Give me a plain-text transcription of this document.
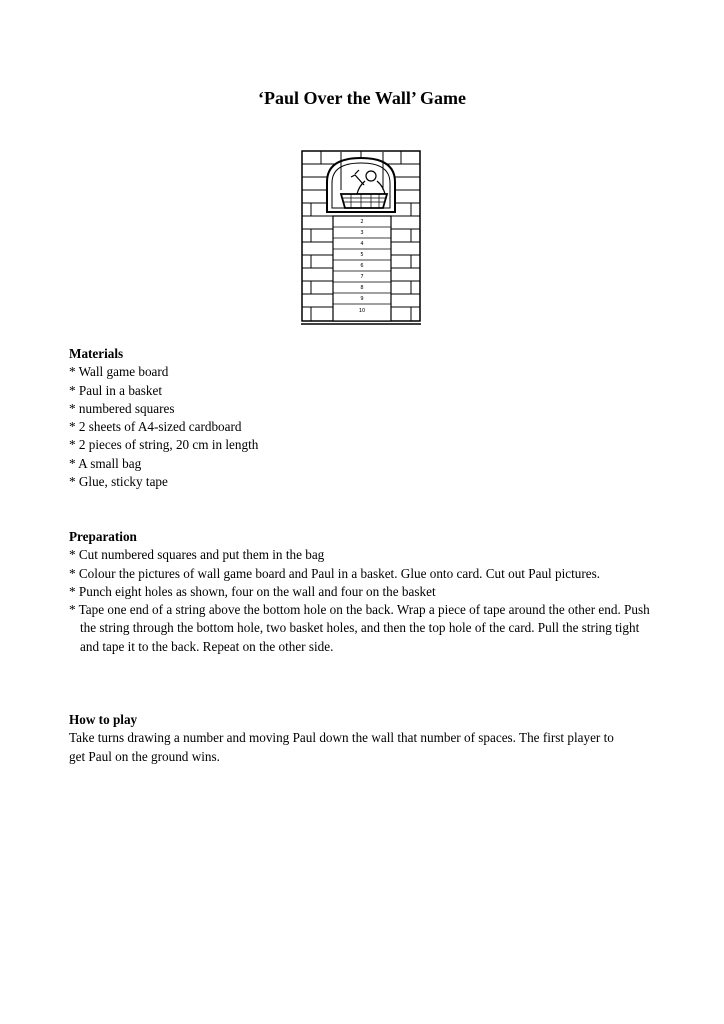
‘Paul Over the Wall’ Game
2
3
4
5
6
7
8
9
10
Materials
* Wall game board
* Paul in a basket
* numbered squares
* 2 sheets of A4-sized cardboard
* 2 pieces of string, 20 cm in length
* A small bag
* Glue, sticky tape
Preparation
* Cut numbered squares and put them in the bag
* Colour the pictures of wall game board and Paul in a basket. Glue onto card. Cut out Paul pictures.
* Punch eight holes as shown, four on the wall and four on the basket
* Tape one end of a string above the bottom hole on the back. Wrap a piece of tape around the other end. Push the string through the bottom hole, two basket holes, and then the top hole of the card. Pull the string tight and tape it to the back. Repeat on the other side.
How to play

Take turns drawing a number and moving Paul down the wall that number of spaces. The first player to get Paul on the ground wins.
